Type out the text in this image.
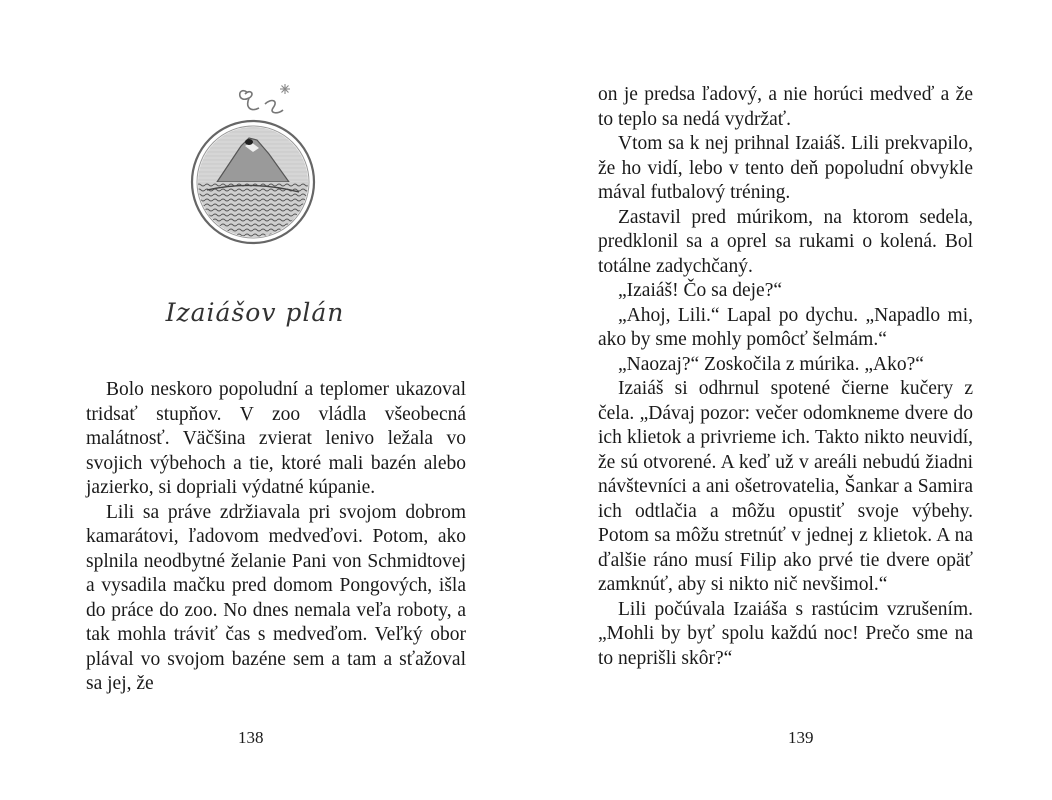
Izaiášov plán

Bolo neskoro popoludní a teplomer ukazoval tridsať stupňov. V zoo vládla všeobecná malátnosť. Väčšina zvierat lenivo ležala vo svojich výbehoch a tie, ktoré mali bazén alebo jazierko, si dopriali výdatné kúpanie.

Lili sa práve zdržiavala pri svojom dobrom kamarátovi, ľadovom medveďovi. Potom, ako splnila neodbytné želanie Pani von Schmidtovej a vysadila mačku pred domom Pongových, išla do práce do zoo. No dnes nemala veľa roboty, a tak mohla tráviť čas s medveďom. Veľký obor plával vo svojom bazéne sem a tam a sťažoval sa jej, že

138

on je predsa ľadový, a nie horúci medveď a že to teplo sa nedá vydržať.

Vtom sa k nej prihnal Izaiáš. Lili prekvapilo, že ho vidí, lebo v tento deň popoludní obvykle mával futbalový tréning.

Zastavil pred múrikom, na ktorom sedela, predklonil sa a oprel sa rukami o kolená. Bol totálne zadychčaný.

„Izaiáš! Čo sa deje?“

„Ahoj, Lili.“ Lapal po dychu. „Napadlo mi, ako by sme mohly pomôcť šelmám.“

„Naozaj?“ Zoskočila z múrika. „Ako?“

Izaiáš si odhrnul spotené čierne kučery z čela. „Dávaj pozor: večer odomkneme dvere do ich klietok a privrieme ich. Takto nikto neuvidí, že sú otvorené. A keď už v areáli nebudú žiadni návštevníci a ani ošetrovatelia, Šankar a Samira ich odtlačia a môžu opustiť svoje výbehy. Potom sa môžu stretnúť v jednej z klietok. A na ďalšie ráno musí Filip ako prvé tie dvere opäť zamknúť, aby si nikto nič nevšimol.“

Lili počúvala Izaiáša s rastúcim vzrušením. „Mohli by byť spolu každú noc! Prečo sme na to neprišli skôr?“

139
